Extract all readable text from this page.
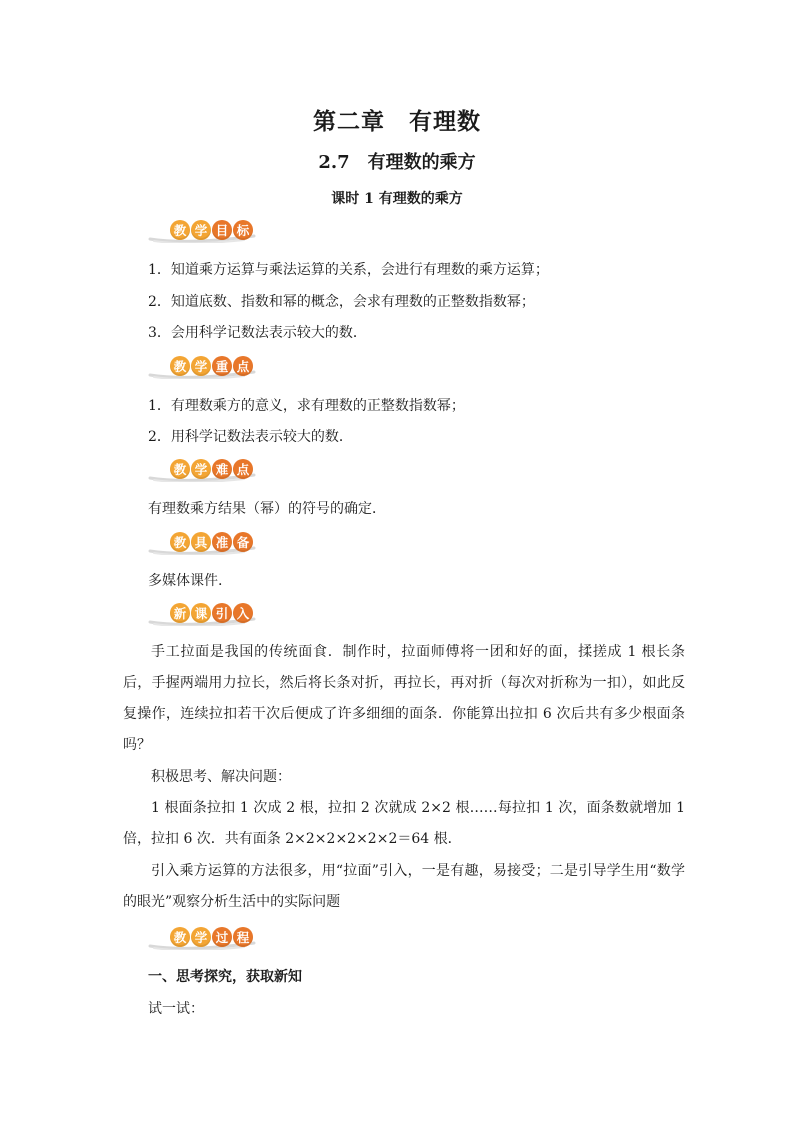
第二章　有理数
2.7　有理数的乘方
课时 1 有理数的乘方
教 学 目 标
1．知道乘方运算与乘法运算的关系，会进行有理数的乘方运算；
2．知道底数、指数和幂的概念，会求有理数的正整数指数幂；
3．会用科学记数法表示较大的数．
教 学 重 点
1．有理数乘方的意义，求有理数的正整数指数幂；
2．用科学记数法表示较大的数．
教 学 难 点
有理数乘方结果（幂）的符号的确定．
教 具 准 备
多媒体课件.
新 课 引 入
手工拉面是我国的传统面食．制作时，拉面师傅将一团和好的面，揉搓成 1 根长条后，手握两端用力拉长，然后将长条对折，再拉长，再对折（每次对折称为一扣），如此反复操作，连续拉扣若干次后便成了许多细细的面条．你能算出拉扣 6 次后共有多少根面条吗？
积极思考、解决问题：
1 根面条拉扣 1 次成 2 根，拉扣 2 次就成 2×2 根……每拉扣 1 次，面条数就增加 1 倍，拉扣 6 次．共有面条 2×2×2×2×2×2＝64 根．
引入乘方运算的方法很多，用“拉面”引入，一是有趣，易接受；二是引导学生用“数学的眼光”观察分析生活中的实际问题
教 学 过 程
一、思考探究，获取新知
试一试：
